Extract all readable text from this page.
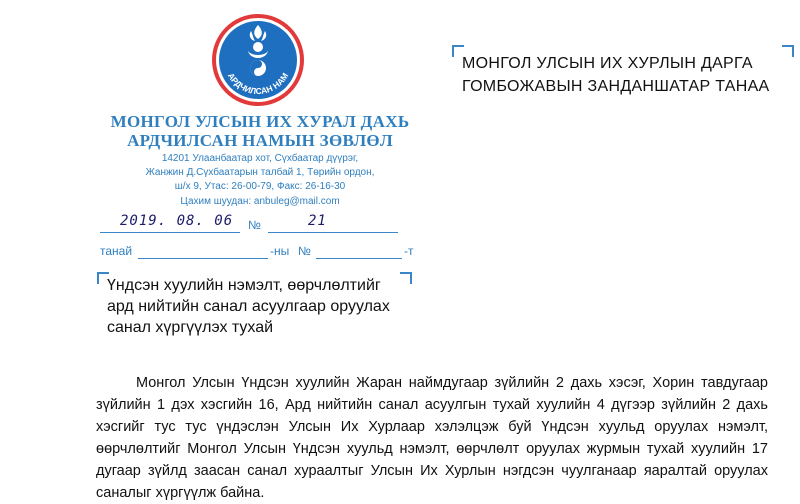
АРДЧИЛСАН НАМ
МОНГОЛ УЛСЫН ИХ ХУРАЛ ДАХЬ
АРДЧИЛСАН НАМЫН ЗӨВЛӨЛ
14201 Улаанбаатар хот, Сүхбаатар дүүрэг,
Жанжин Д.Сүхбаатарын талбай 1, Төрийн ордон,
ш/х 9, Утас: 26-00-79, Факс: 26-16-30
Цахим шуудан: anbuleg@mail.com
2019. 08. 06 №	21
танай	-ны №	-т
МОНГОЛ УЛСЫН ИХ ХУРЛЫН ДАРГА
ГОМБОЖАВЫН ЗАНДАНШАТАР ТАНАА
Үндсэн хуулийн нэмэлт, өөрчлөлтийг
ард нийтийн санал асуулгаар оруулах
санал хүргүүлэх тухай
Монгол Улсын Үндсэн хуулийн Жаран наймдугаар зүйлийн 2 дахь хэсэг, Хорин тавдугаар зүйлийн 1 дэх хэсгийн 16, Ард нийтийн санал асуулгын тухай хуулийн 4 дүгээр зүйлийн 2 дахь хэсгийг тус тус үндэслэн Улсын Их Хурлаар хэлэлцэж буй Үндсэн хуульд оруулах нэмэлт, өөрчлөлтийг Монгол Улсын Үндсэн хуульд нэмэлт, өөрчлөлт оруулах журмын тухай хуулийн 17 дугаар зүйлд заасан санал хураалтыг Улсын Их Хурлын нэгдсэн чуулганаар яаралтай оруулах саналыг хүргүүлж байна.
